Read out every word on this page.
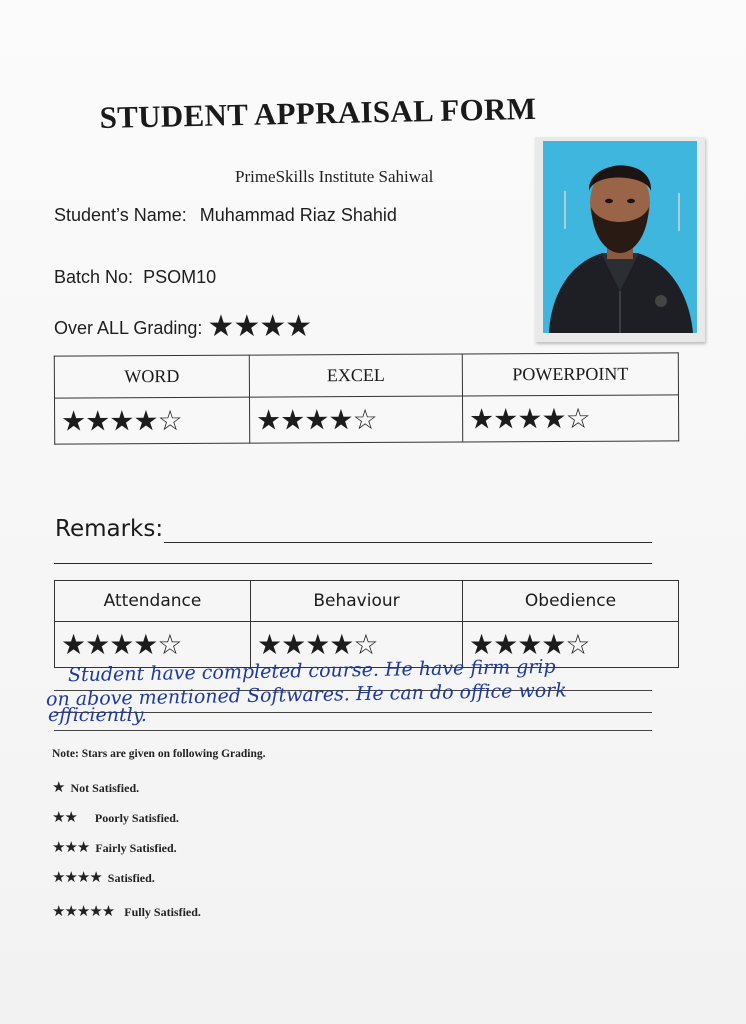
STUDENT APPRAISAL FORM
PrimeSkills Institute Sahiwal
Student’s Name: Muhammad Riaz Shahid
Batch No: PSOM10
Over ALL Grading: ★★★★
WORD	EXCEL	POWERPOINT
★★★★☆	★★★★☆	★★★★☆
Remarks:
Attendance	Behaviour	Obedience
★★★★☆	★★★★☆	★★★★☆
Student have completed course. He have firm grip
on above mentioned Softwares. He can do office work
efficiently.
Note: Stars are given on following Grading.
★ Not Satisfied.
★★ Poorly Satisfied.
★★★ Fairly Satisfied.
★★★★ Satisfied.
★★★★★ Fully Satisfied.
